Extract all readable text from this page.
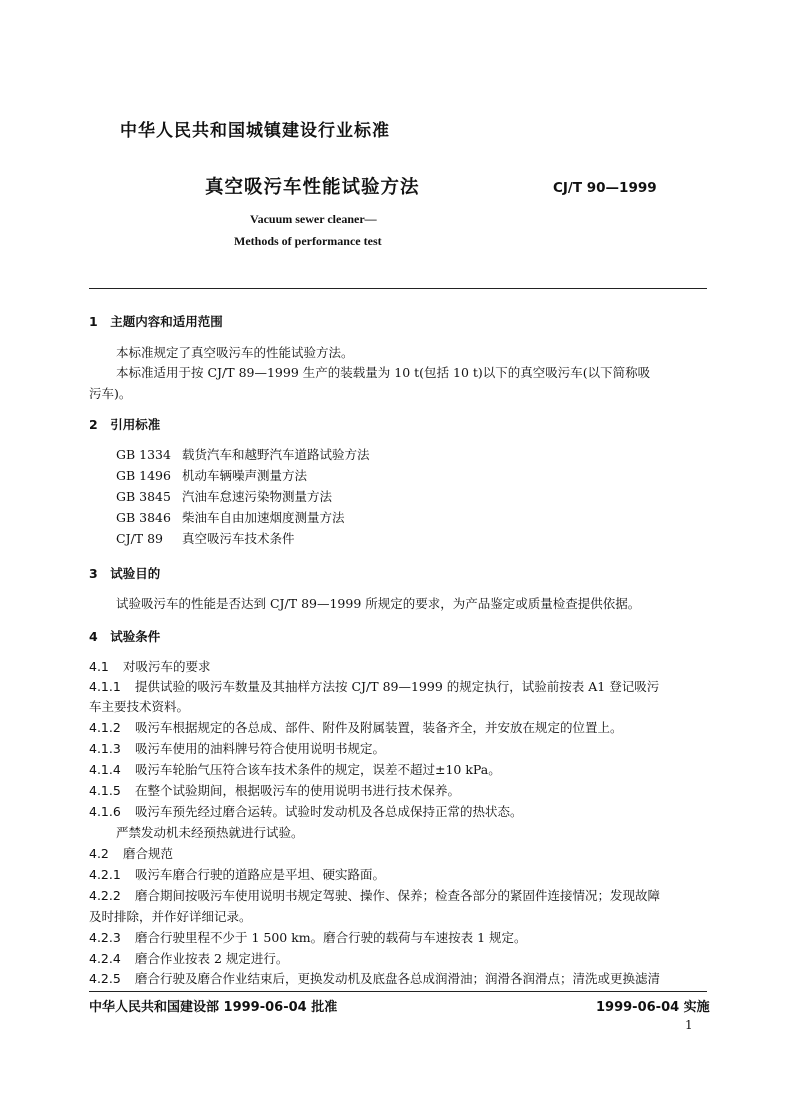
中华人民共和国城镇建设行业标准
真空吸污车性能试验方法	CJ/T 90—1999
Vacuum sewer cleaner—
Methods of performance test
1　主题内容和适用范围
本标准规定了真空吸污车的性能试验方法。
本标准适用于按 CJ/T 89—1999 生产的装载量为 10 t(包括 10 t)以下的真空吸污车(以下简称吸
污车)。
2　引用标准
GB 1334 载货汽车和越野汽车道路试验方法
GB 1496 机动车辆噪声测量方法
GB 3845 汽油车怠速污染物测量方法
GB 3846 柴油车自由加速烟度测量方法
CJ/T 89 真空吸污车技术条件
3　试验目的
试验吸污车的性能是否达到 CJ/T 89—1999 所规定的要求，为产品鉴定或质量检查提供依据。
4　试验条件
4.1 对吸污车的要求
4.1.1 提供试验的吸污车数量及其抽样方法按 CJ/T 89—1999 的规定执行，试验前按表 A1 登记吸污
车主要技术资料。
4.1.2 吸污车根据规定的各总成、部件、附件及附属装置，装备齐全，并安放在规定的位置上。
4.1.3 吸污车使用的油料牌号符合使用说明书规定。
4.1.4 吸污车轮胎气压符合该车技术条件的规定，误差不超过±10 kPa。
4.1.5 在整个试验期间，根据吸污车的使用说明书进行技术保养。
4.1.6 吸污车预先经过磨合运转。试验时发动机及各总成保持正常的热状态。
严禁发动机未经预热就进行试验。
4.2 磨合规范
4.2.1 吸污车磨合行驶的道路应是平坦、硬实路面。
4.2.2 磨合期间按吸污车使用说明书规定驾驶、操作、保养；检查各部分的紧固件连接情况；发现故障
及时排除，并作好详细记录。
4.2.3 磨合行驶里程不少于 1 500 km。磨合行驶的载荷与车速按表 1 规定。
4.2.4 磨合作业按表 2 规定进行。
4.2.5 磨合行驶及磨合作业结束后，更换发动机及底盘各总成润滑油；润滑各润滑点；清洗或更换滤清
中华人民共和国建设部 1999-06-04 批准	1999-06-04 实施
1
